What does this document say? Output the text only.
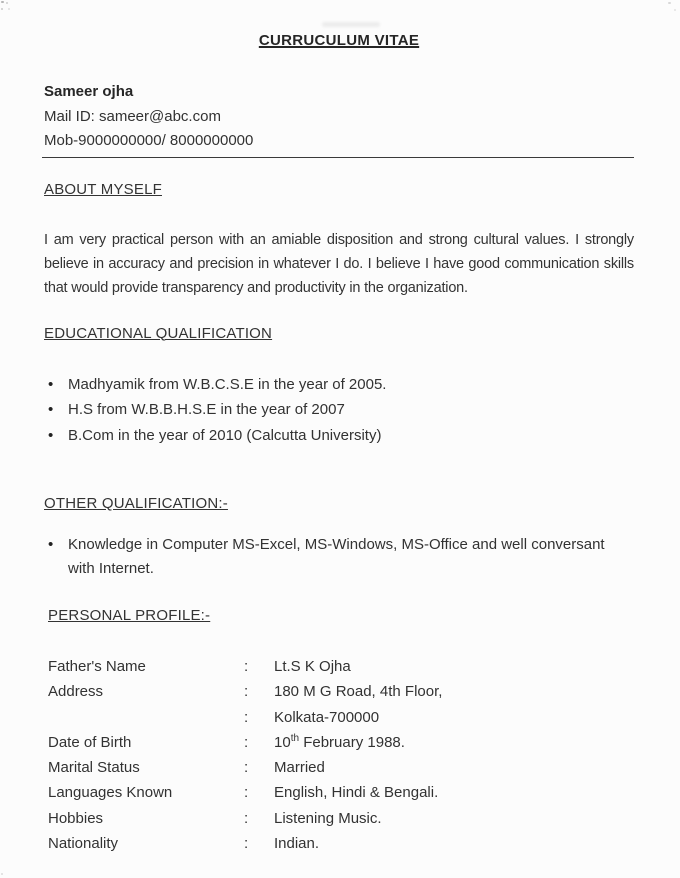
CURRUCULUM VITAE
Sameer ojha
Mail ID: sameer@abc.com
Mob-9000000000/ 8000000000
ABOUT MYSELF

I am very practical person with an amiable disposition and strong cultural values. I strongly believe in accuracy and precision in whatever I do. I believe I have good communication skills that would provide transparency and productivity in the organization.

EDUCATIONAL QUALIFICATION
• Madhyamik from W.B.C.S.E in the year of 2005.
• H.S from W.B.B.H.S.E in the year of 2007
• B.Com in the year of 2010 (Calcutta University)
OTHER QUALIFICATION:-
• Knowledge in Computer MS-Excel, MS-Windows, MS-Office and well conversant with Internet.
PERSONAL PROFILE:-
Father's Name	:	Lt.S K Ojha
Address	:	180 M G Road, 4th Floor,
:	Kolkata-700000
Date of Birth	:	10th February 1988.
Marital Status	:	Married
Languages Known	:	English, Hindi & Bengali.
Hobbies	:	Listening Music.
Nationality	:	Indian.
